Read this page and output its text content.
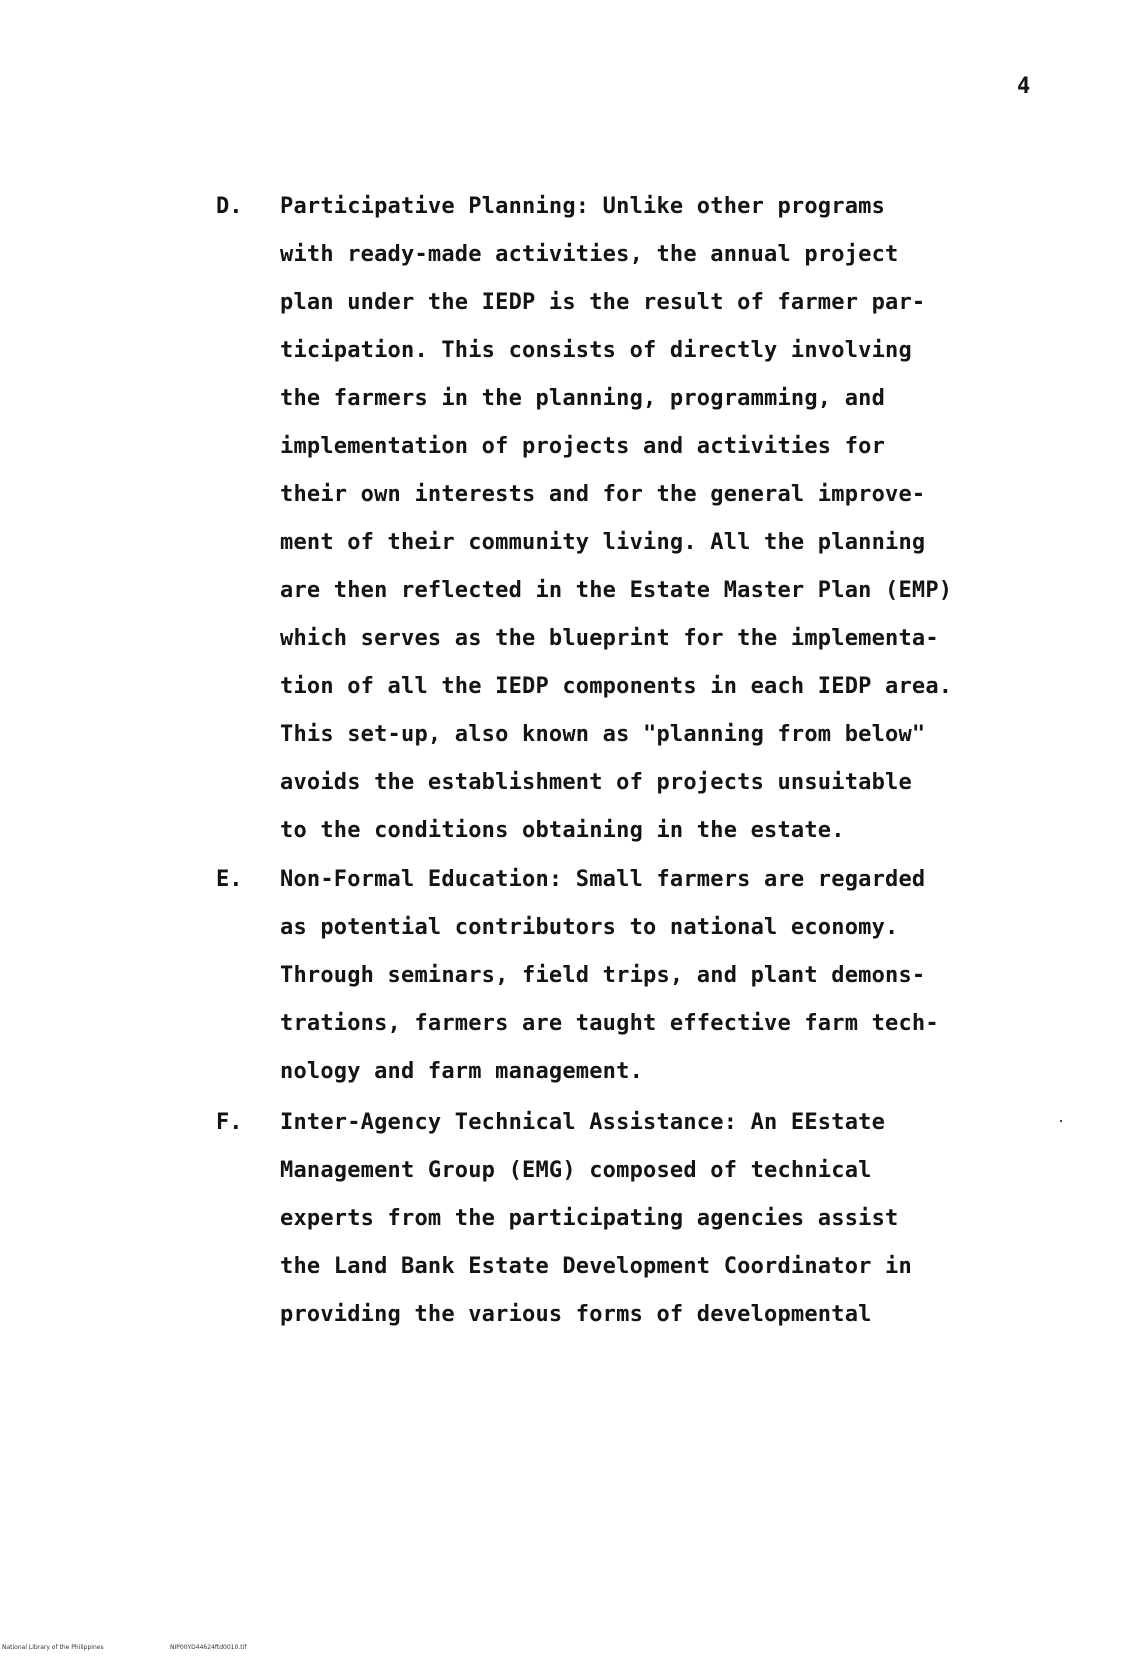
4
D. Participative Planning: Unlike other programs
with ready-made activities, the annual project
plan under the IEDP is the result of farmer par-
ticipation. This consists of directly involving
the farmers in the planning, programming, and
implementation of projects and activities for
their own interests and for the general improve-
ment of their community living. All the planning
are then reflected in the Estate Master Plan (EMP)
which serves as the blueprint for the implementa-
tion of all the IEDP components in each IEDP area.
This set-up, also known as "planning from below"
avoids the establishment of projects unsuitable
to the conditions obtaining in the estate.
E. Non-Formal Education: Small farmers are regarded
as potential contributors to national economy.
Through seminars, field trips, and plant demons-
trations, farmers are taught effective farm tech-
nology and farm management.
F. Inter-Agency Technical Assistance: An EEstate
Management Group (EMG) composed of technical
experts from the participating agencies assist
the Land Bank Estate Development Coordinator in
providing the various forms of developmental
National Library of the Philippines	NIP00YD44624ftd0010.tif
